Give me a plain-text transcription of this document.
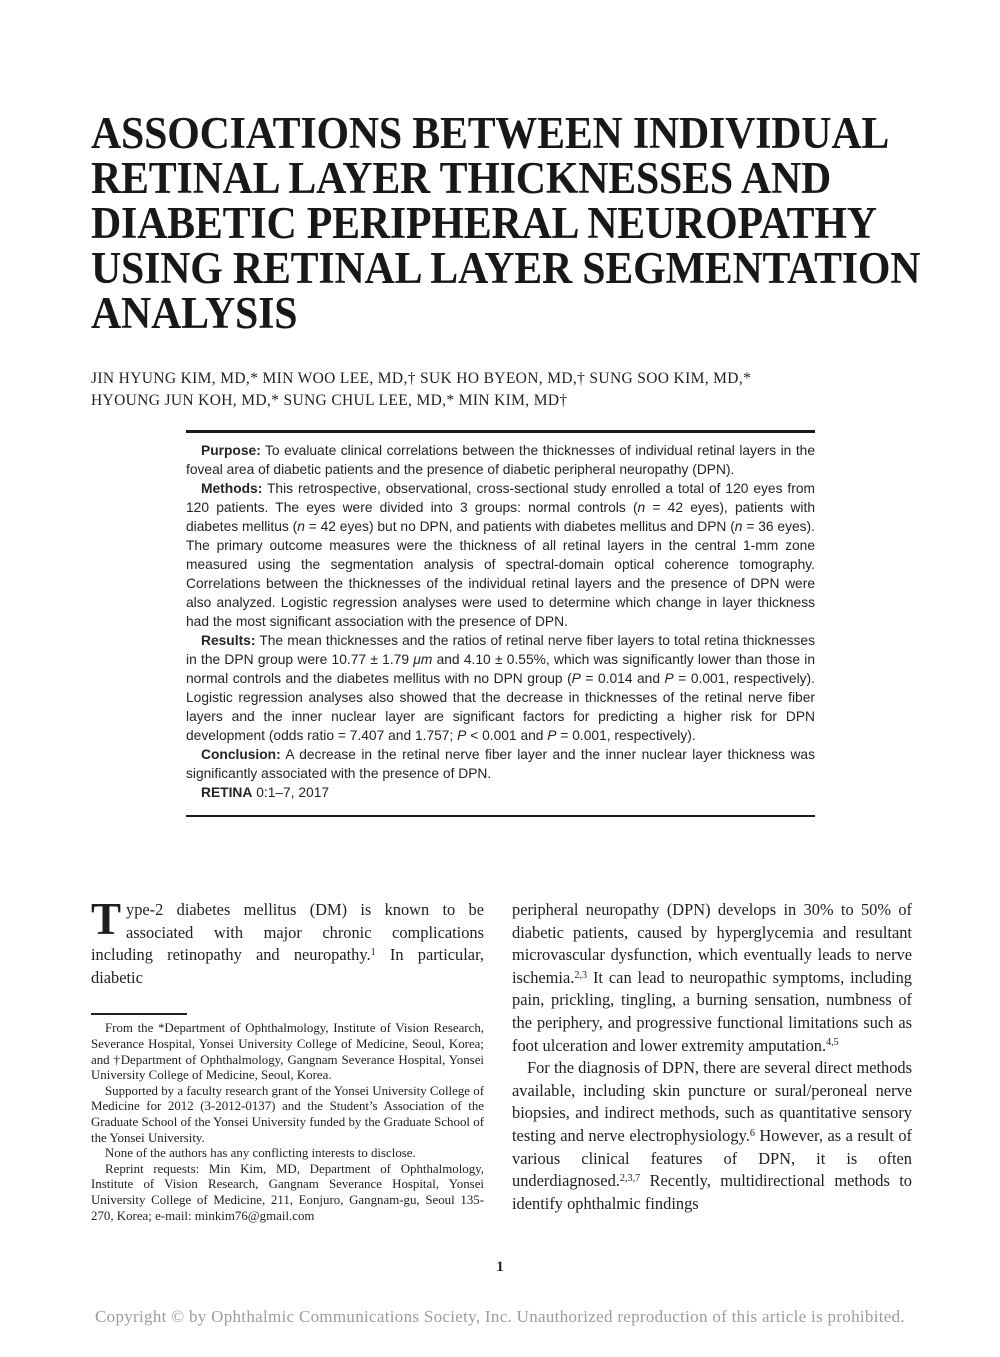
ASSOCIATIONS BETWEEN INDIVIDUAL
RETINAL LAYER THICKNESSES AND
DIABETIC PERIPHERAL NEUROPATHY
USING RETINAL LAYER SEGMENTATION
ANALYSIS
JIN HYUNG KIM, MD,* MIN WOO LEE, MD,† SUK HO BYEON, MD,† SUNG SOO KIM, MD,*
HYOUNG JUN KOH, MD,* SUNG CHUL LEE, MD,* MIN KIM, MD†

Purpose: To evaluate clinical correlations between the thicknesses of individual retinal layers in the foveal area of diabetic patients and the presence of diabetic peripheral neuropathy (DPN).

Methods: This retrospective, observational, cross-sectional study enrolled a total of 120 eyes from 120 patients. The eyes were divided into 3 groups: normal controls (n = 42 eyes), patients with diabetes mellitus (n = 42 eyes) but no DPN, and patients with diabetes mellitus and DPN (n = 36 eyes). The primary outcome measures were the thickness of all retinal layers in the central 1-mm zone measured using the segmentation analysis of spectral-domain optical coherence tomography. Correlations between the thicknesses of the individual retinal layers and the presence of DPN were also analyzed. Logistic regression analyses were used to determine which change in layer thickness had the most significant association with the presence of DPN.

Results: The mean thicknesses and the ratios of retinal nerve fiber layers to total retina thicknesses in the DPN group were 10.77 ± 1.79 μm and 4.10 ± 0.55%, which was significantly lower than those in normal controls and the diabetes mellitus with no DPN group (P = 0.014 and P = 0.001, respectively). Logistic regression analyses also showed that the decrease in thicknesses of the retinal nerve fiber layers and the inner nuclear layer are significant factors for predicting a higher risk for DPN development (odds ratio = 7.407 and 1.757; P < 0.001 and P = 0.001, respectively).

Conclusion: A decrease in the retinal nerve fiber layer and the inner nuclear layer thickness was significantly associated with the presence of DPN.

RETINA 0:1–7, 2017

Type-2 diabetes mellitus (DM) is known to be associated with major chronic complications including retinopathy and neuropathy.$^1$ In particular, diabetic

From the *Department of Ophthalmology, Institute of Vision Research, Severance Hospital, Yonsei University College of Medicine, Seoul, Korea; and †Department of Ophthalmology, Gangnam Severance Hospital, Yonsei University College of Medicine, Seoul, Korea.

Supported by a faculty research grant of the Yonsei University College of Medicine for 2012 (3-2012-0137) and the Student’s Association of the Graduate School of the Yonsei University funded by the Graduate School of the Yonsei University.

None of the authors has any conflicting interests to disclose.

Reprint requests: Min Kim, MD, Department of Ophthalmology, Institute of Vision Research, Gangnam Severance Hospital, Yonsei University College of Medicine, 211, Eonjuro, Gangnam-gu, Seoul 135-270, Korea; e-mail: minkim76@gmail.com

peripheral neuropathy (DPN) develops in 30% to 50% of diabetic patients, caused by hyperglycemia and resultant microvascular dysfunction, which eventually leads to nerve ischemia.$^{2,3}$ It can lead to neuropathic symptoms, including pain, prickling, tingling, a burning sensation, numbness of the periphery, and progressive functional limitations such as foot ulceration and lower extremity amputation.$^{4,5}$

For the diagnosis of DPN, there are several direct methods available, including skin puncture or sural/peroneal nerve biopsies, and indirect methods, such as quantitative sensory testing and nerve electrophysiology.$^6$ However, as a result of various clinical features of DPN, it is often underdiagnosed.$^{2,3,7}$ Recently, multidirectional methods to identify ophthalmic findings

1
Copyright © by Ophthalmic Communications Society, Inc. Unauthorized reproduction of this article is prohibited.
